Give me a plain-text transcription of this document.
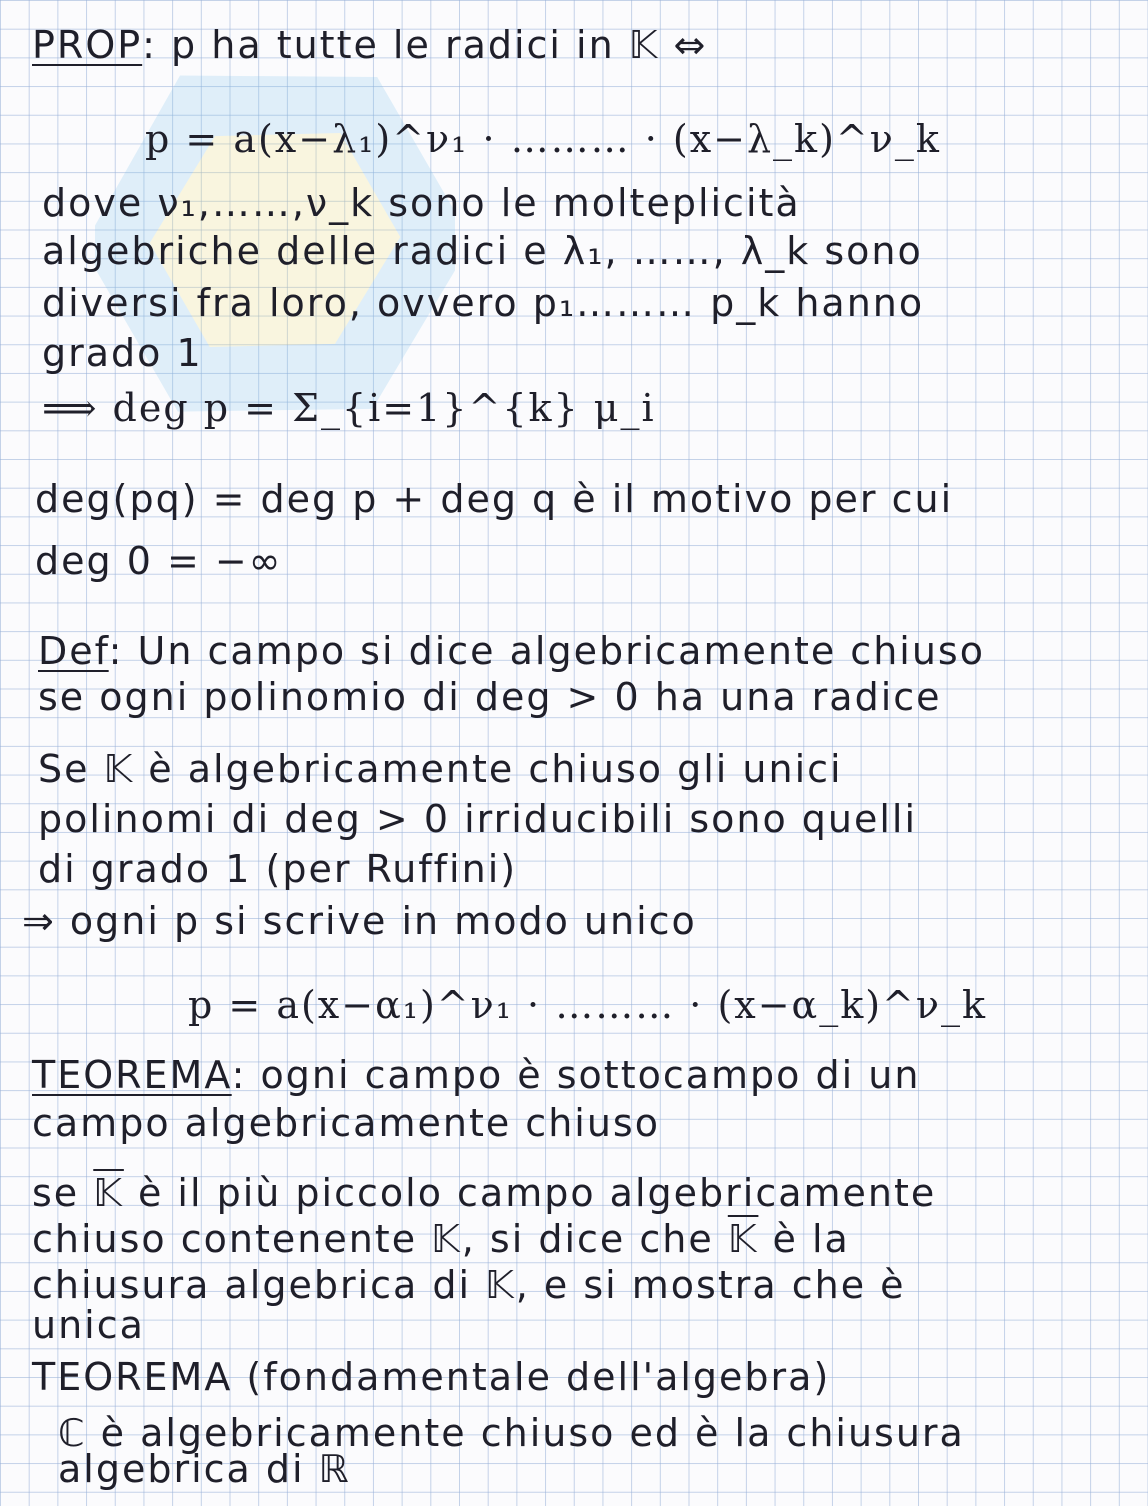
PROP: p ha tutte le radici in 𝕂 ⇔
p = a(x−λ₁)^ν₁ · ……… · (x−λ_k)^ν_k
dove ν₁,……,ν_k sono le molteplicità
algebriche delle radici e λ₁, ……, λ_k sono
diversi fra loro, ovvero p₁……… p_k hanno
grado 1
⟹ deg p = Σ_{i=1}^{k} μ_i
deg(pq) = deg p + deg q è il motivo per cui
deg 0 = −∞
Def: Un campo si dice algebricamente chiuso
se ogni polinomio di deg > 0 ha una radice
Se 𝕂 è algebricamente chiuso gli unici
polinomi di deg > 0 irriducibili sono quelli
di grado 1 (per Ruffini)
⇒ ogni p si scrive in modo unico
p = a(x−α₁)^ν₁ · ……… · (x−α_k)^ν_k
TEOREMA: ogni campo è sottocampo di un
campo algebricamente chiuso
se 𝕂 è il più piccolo campo algebricamente
chiuso contenente 𝕂, si dice che 𝕂 è la
chiusura algebrica di 𝕂, e si mostra che è
unica
TEOREMA (fondamentale dell'algebra)
ℂ è algebricamente chiuso ed è la chiusura
algebrica di ℝ
